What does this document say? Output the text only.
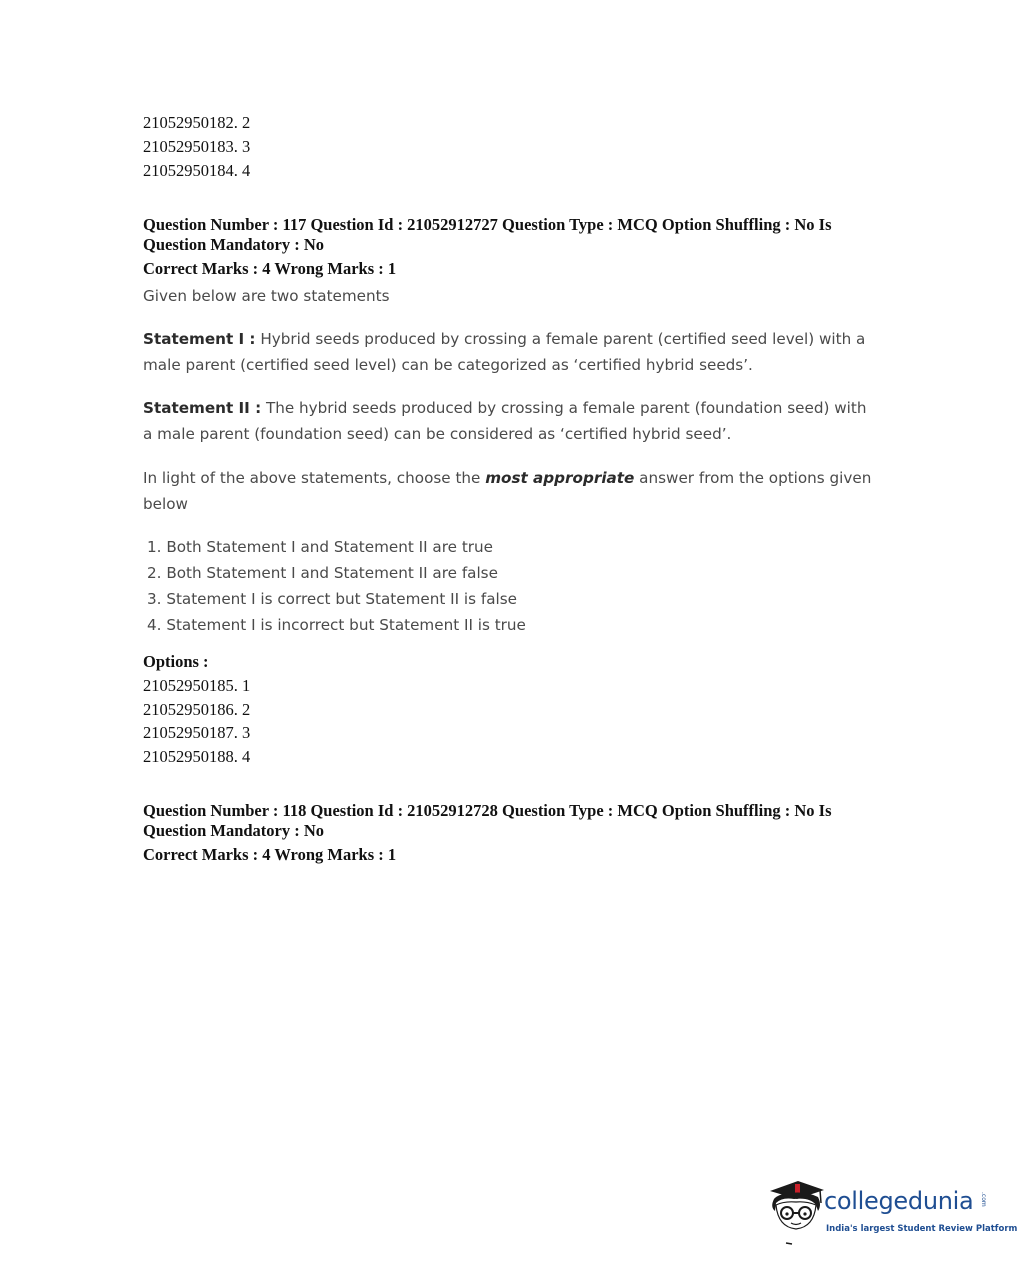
21052950182. 2
21052950183. 3
21052950184. 4
Question Number : 117 Question Id : 21052912727 Question Type : MCQ Option Shuffling : No Is
Question Mandatory : No
Correct Marks : 4 Wrong Marks : 1
Given below are two statements
Statement I : Hybrid seeds produced by crossing a female parent (certified seed level) with a male parent (certified seed level) can be categorized as ‘certified hybrid seeds’.
Statement II : The hybrid seeds produced by crossing a female parent (foundation seed) with a male parent (foundation seed) can be considered as ‘certified hybrid seed’.
In light of the above statements, choose the most appropriate answer from the options given below
1. Both Statement I and Statement II are true
2. Both Statement I and Statement II are false
3. Statement I is correct but Statement II is false
4. Statement I is incorrect but Statement II is true
Options :
21052950185. 1
21052950186. 2
21052950187. 3
21052950188. 4
Question Number : 118 Question Id : 21052912728 Question Type : MCQ Option Shuffling : No Is
Question Mandatory : No
Correct Marks : 4 Wrong Marks : 1
collegedunia .com
India's largest Student Review Platform
